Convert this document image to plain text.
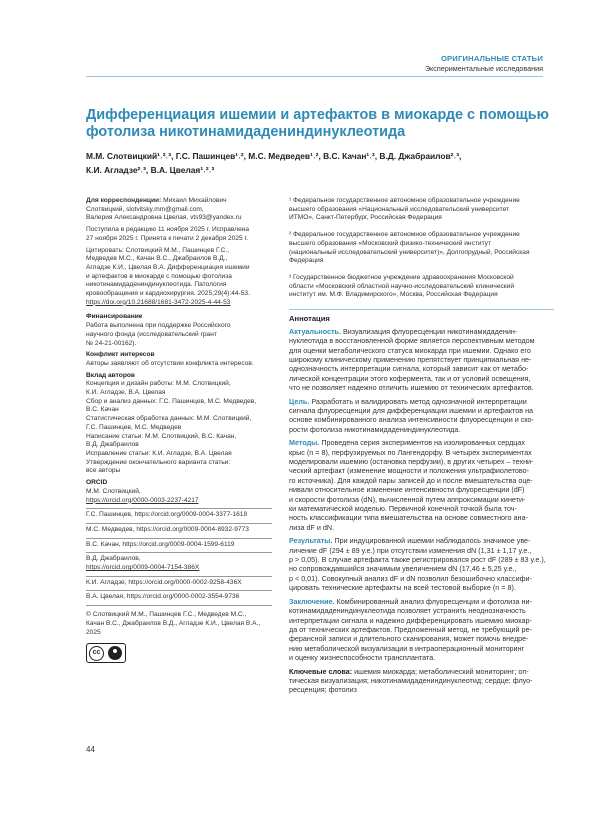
ОРИГИНАЛЬНЫЕ СТАТЬИ
Экспериментальные исследования
Дифференциация ишемии и артефактов в миокарде с помощью
фотолиза никотинамидадениндинуклеотида
М.М. Слотвицкий¹˒²˒³, Г.С. Пашинцев¹˒², М.С. Медведев¹˒², В.С. Качан¹˒², В.Д. Джабраилов²˒³,
К.И. Агладзе²˒³, В.А. Цвелая¹˒²˒³
Для корреспонденции: Михаил Михайлович
Слотвицкий, slotvitsky.mm@gmail.com,
Валерия Александровна Цвелая, vts93@yandex.ru
Поступила в редакцию 11 ноября 2025 г. Исправлена
27 ноября 2025 г. Принята к печати 2 декабря 2025 г.
Цитировать: Слотвицкий М.М., Пашинцев Г.С.,
Медведев М.С., Качан В.С., Джабраилов В.Д.,
Агладзе К.И., Цвелая В.А. Дифференциация ишемии
и артефактов в миокарде с помощью фотолиза
никотинамидадениндинуклеотида. Патология
кровообращения и кардиохирургия. 2025;29(4):44-53.
https://doi.org/10.21688/1681-3472-2025-4-44-53
Финансирование
Работа выполнена при поддержке Российского
научного фонда (исследовательский грант
№ 24-21-00162).
Конфликт интересов
Авторы заявляют об отсутствии конфликта интересов.
Вклад авторов
Концепция и дизайн работы: М.М. Слотвицкий,
К.И. Агладзе, В.А. Цвелая
Сбор и анализ данных: Г.С. Пашинцев, М.С. Медведев,
В.С. Качан
Статистическая обработка данных: М.М. Слотвицкий,
Г.С. Пашинцев, М.С. Медведев
Написание статьи: М.М. Слотвицкий, В.С. Качан,
В.Д. Джабраилов
Исправление статьи: К.И. Агладзе, В.А. Цвелая
Утверждение окончательного варианта статьи:
все авторы
ORCID
М.М. Слотвицкий,
https://orcid.org/0000-0003-2237-4217
Г.С. Пашинцев, https://orcid.org/0009-0004-3377-1618
М.С. Медведев, https://orcid.org/0009-0004-8932-9773
В.С. Качан, https://orcid.org/0009-0004-1599-6119
В.Д. Джабраилов,
https://orcid.org/0009-0004-7154-386X
К.И. Агладзе, https://orcid.org/0000-0002-9258-436X
В.А. Цвелая, https://orcid.org/0000-0002-3554-9736
© Слотвицкий М.М., Пашинцев Г.С., Медведев М.С.,
Качан В.С., Джабраилов В.Д., Агладзе К.И., Цвелая В.А.,
2025
cc
¹ Федеральное государственное автономное образовательное учреждение
высшего образования «Национальный исследовательский университет
ИТМО», Санкт-Петербург, Российская Федерация
² Федеральное государственное автономное образовательное учреждение
высшего образования «Московский физико-технический институт
(национальный исследовательский университет)», Долгопрудный, Российская
Федерация
³ Государственное бюджетное учреждение здравоохранения Московской
области «Московский областной научно-исследовательский клинический
институт им. М.Ф. Владимирского», Москва, Российская Федерация
Аннотация
Актуальность. Визуализация флуоресценции никотинамидаденин-
нуклеотида в восстановленной форме является перспективным методом
для оценки метаболического статуса миокарда при ишемии. Однако его
широкому клиническому применению препятствует принципиальная не-
однозначность интерпретации сигнала, который зависит как от метабо-
лической концентрации этого кофермента, так и от условий освещения,
что не позволяет надежно отличить ишемию от технических артефактов.
Цель. Разработать и валидировать метод однозначной интерпретации
сигнала флуоресценции для дифференциации ишемии и артефактов на
основе комбинированного анализа интенсивности флуоресценции и ско-
рости фотолиза никотинамидадениндинуклеотида.
Методы. Проведена серия экспериментов на изолированных сердцах
крыс (n = 8), перфузируемых по Лангендорфу. В четырех экспериментах
моделировали ишемию (остановка перфузии), в других четырех – техни-
ческий артефакт (изменение мощности и положения ультрафиолетово-
го источника). Для каждой пары записей до и после вмешательства оце-
нивали относительное изменение интенсивности флуоресценции (dF)
и скорости фотолиза (dN), вычисленной путем аппроксимации кинети-
ки математической моделью. Первичной конечной точкой была точ-
ность классификации типа вмешательства на основе совместного ана-
лиза dF и dN.
Результаты. При индуцированной ишемии наблюдалось значимое уве-
личение dF (294 ± 89 у.е.) при отсутствии изменения dN (1,31 ± 1,17 у.е.,
p > 0,05). В случае артефакта также регистрировался рост dF (289 ± 83 у.е.),
но сопровождавшийся значимым увеличением dN (17,46 ± 5,25 у.е.,
p < 0,01). Совокупный анализ dF и dN позволил безошибочно классифи-
цировать технические артефакты на всей тестовой выборке (n = 8).
Заключение. Комбинированный анализ флуоресценции и фотолиза ни-
котинамидадениндинуклеотида позволяет устранить неоднозначность
интерпретации сигнала и надежно дифференцировать ишемию миокар-
да от технических артефактов. Предложенный метод, не требующий ре-
ферансной записи и длительного сканирования, может помочь внедре-
нию метаболической визуализации в интраоперационный мониторинг
и оценку жизнеспособности трансплантата.
Ключевые слова: ишемия миокарда; метаболический мониторинг; оп-
тическая визуализация; никотинамидадениндинуклеотид; сердце; флуо-
ресценция; фотолиз
44
